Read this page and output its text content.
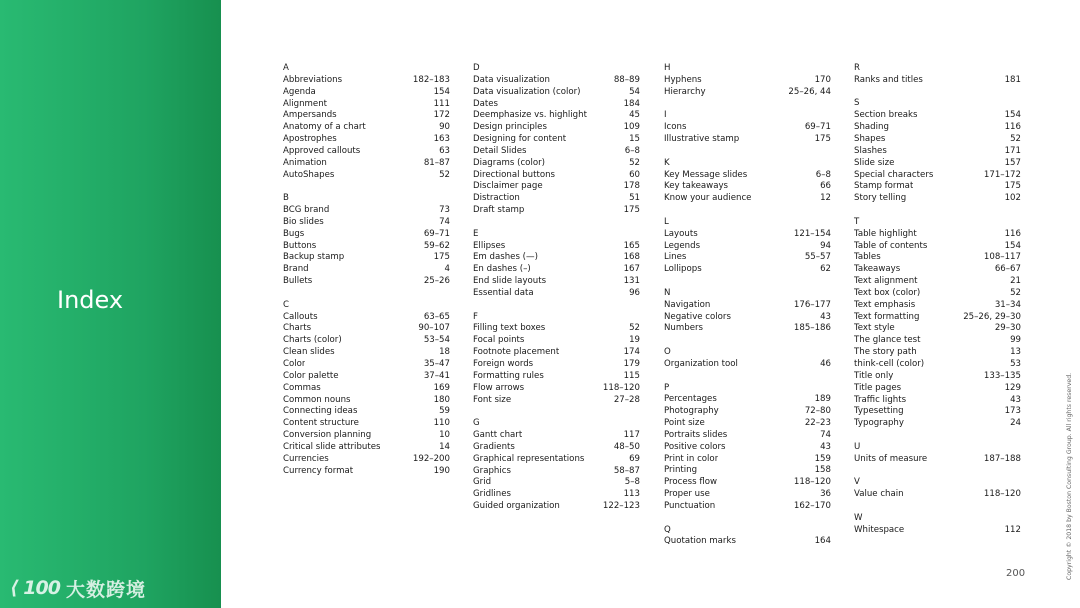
Index
⟨ 100 大数跨境
A
Abbreviations	182–183
Agenda	154
Alignment	111
Ampersands	172
Anatomy of a chart	90
Apostrophes	163
Approved callouts	63
Animation	81–87
AutoShapes	52
B
BCG brand	73
Bio slides	74
Bugs	69–71
Buttons	59–62
Backup stamp	175
Brand	4
Bullets	25–26
C
Callouts	63–65
Charts	90–107
Charts (color)	53–54
Clean slides	18
Color	35–47
Color palette	37–41
Commas	169
Common nouns	180
Connecting ideas	59
Content structure	110
Conversion planning	10
Critical slide attributes	14
Currencies	192–200
Currency format	190
D
Data visualization	88–89
Data visualization (color)	54
Dates	184
Deemphasize vs. highlight	45
Design principles	109
Designing for content	15
Detail Slides	6–8
Diagrams (color)	52
Directional buttons	60
Disclaimer page	178
Distraction	51
Draft stamp	175
E
Ellipses	165
Em dashes (—)	168
En dashes (–)	167
End slide layouts	131
Essential data	96
F
Filling text boxes	52
Focal points	19
Footnote placement	174
Foreign words	179
Formatting rules	115
Flow arrows	118–120
Font size	27–28
G
Gantt chart	117
Gradients	48–50
Graphical representations	69
Graphics	58–87
Grid	5–8
Gridlines	113
Guided organization	122–123
H
Hyphens	170
Hierarchy	25–26, 44
I
Icons	69–71
Illustrative stamp	175
K
Key Message slides	6–8
Key takeaways	66
Know your audience	12
L
Layouts	121–154
Legends	94
Lines	55–57
Lollipops	62
N
Navigation	176–177
Negative colors	43
Numbers	185–186
O
Organization tool	46
P
Percentages	189
Photography	72–80
Point size	22–23
Portraits slides	74
Positive colors	43
Print in color	159
Printing	158
Process flow	118–120
Proper use	36
Punctuation	162–170
Q
Quotation marks	164
R
Ranks and titles	181
S
Section breaks	154
Shading	116
Shapes	52
Slashes	171
Slide size	157
Special characters	171–172
Stamp format	175
Story telling	102
T
Table highlight	116
Table of contents	154
Tables	108–117
Takeaways	66–67
Text alignment	21
Text box (color)	52
Text emphasis	31–34
Text formatting	25–26, 29–30
Text style	29–30
The glance test	99
The story path	13
think-cell (color)	53
Title only	133–135
Title pages	129
Traffic lights	43
Typesetting	173
Typography	24
U
Units of measure	187–188
V
Value chain	118–120
W
Whitespace	112
200	Copyright © 2018 by Boston Consulting Group. All rights reserved.
